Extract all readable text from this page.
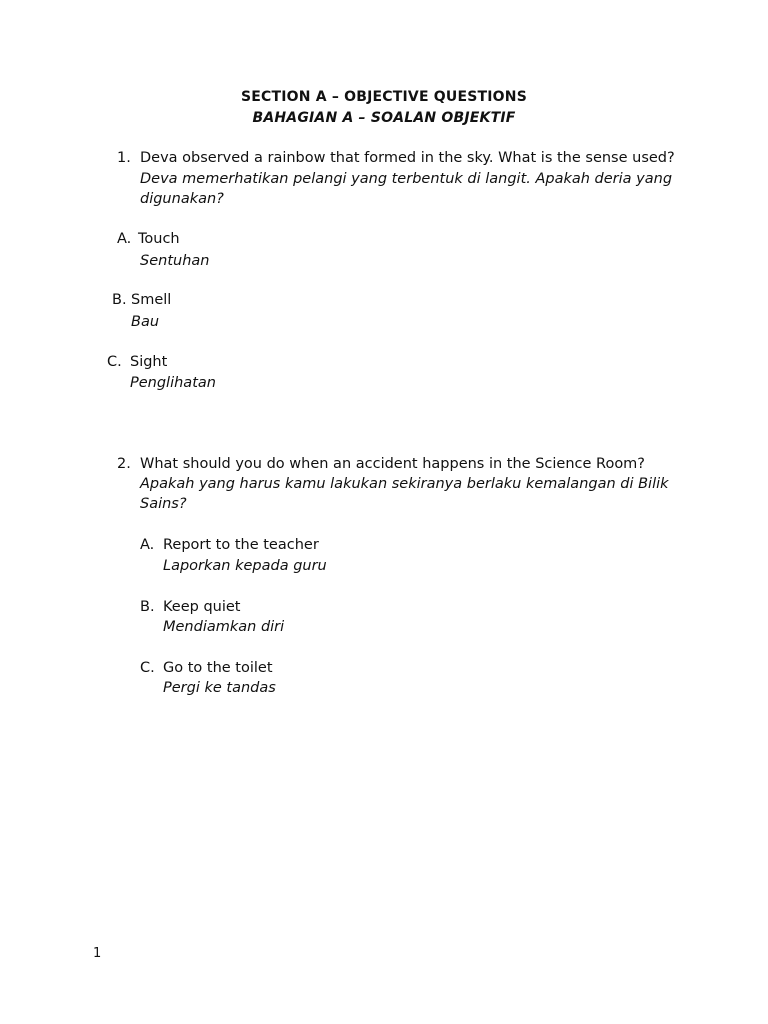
SECTION A – OBJECTIVE QUESTIONS
BAHAGIAN A – SOALAN OBJEKTIF
1. Deva observed a rainbow that formed in the sky. What is the sense used?
Deva memerhatikan pelangi yang terbentuk di langit. Apakah deria yang
digunakan?
A. Touch
Sentuhan
B. Smell
Bau
C. Sight
Penglihatan
2. What should you do when an accident happens in the Science Room?
Apakah yang harus kamu lakukan sekiranya berlaku kemalangan di Bilik
Sains?
A. Report to the teacher
Laporkan kepada guru
B. Keep quiet
Mendiamkan diri
C. Go to the toilet
Pergi ke tandas
1
